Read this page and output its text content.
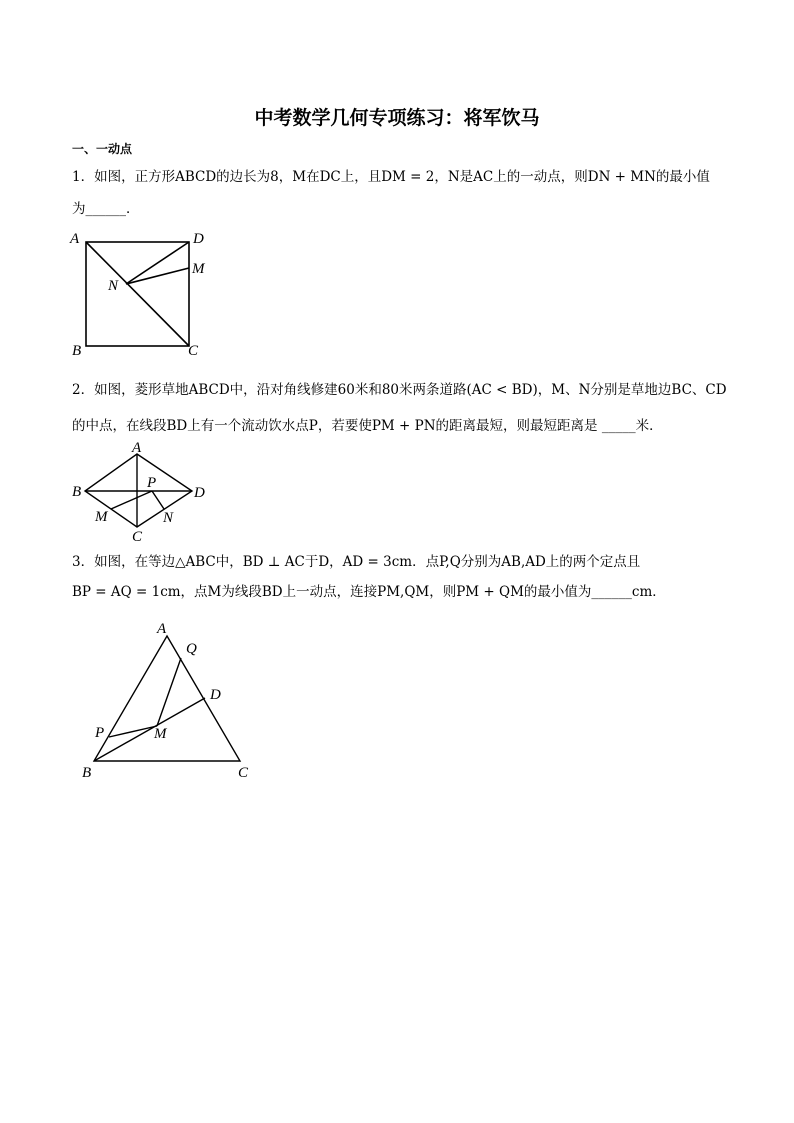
中考数学几何专项练习：将军饮马
一、一动点
1．如图，正方形ABCD的边长为8，M在DC上，且DM = 2，N是AC上的一动点，则DN + MN的最小值
为______．
2．如图，菱形草地ABCD中，沿对角线修建60米和80米两条道路(AC < BD)，M、N分别是草地边BC、CD
的中点，在线段BD上有一个流动饮水点P，若要使PM + PN的距离最短，则最短距离是 _____米．
3．如图，在等边△ABC中，BD ⊥ AC于D，AD = 3cm．点P,Q分别为AB,AD上的两个定点且
BP = AQ = 1cm，点M为线段BD上一动点，连接PM,QM，则PM + QM的最小值为______cm．
A	D
M
N
B	C
A
B	D
P
M	N
C
A
Q
D
P	M
B	C
